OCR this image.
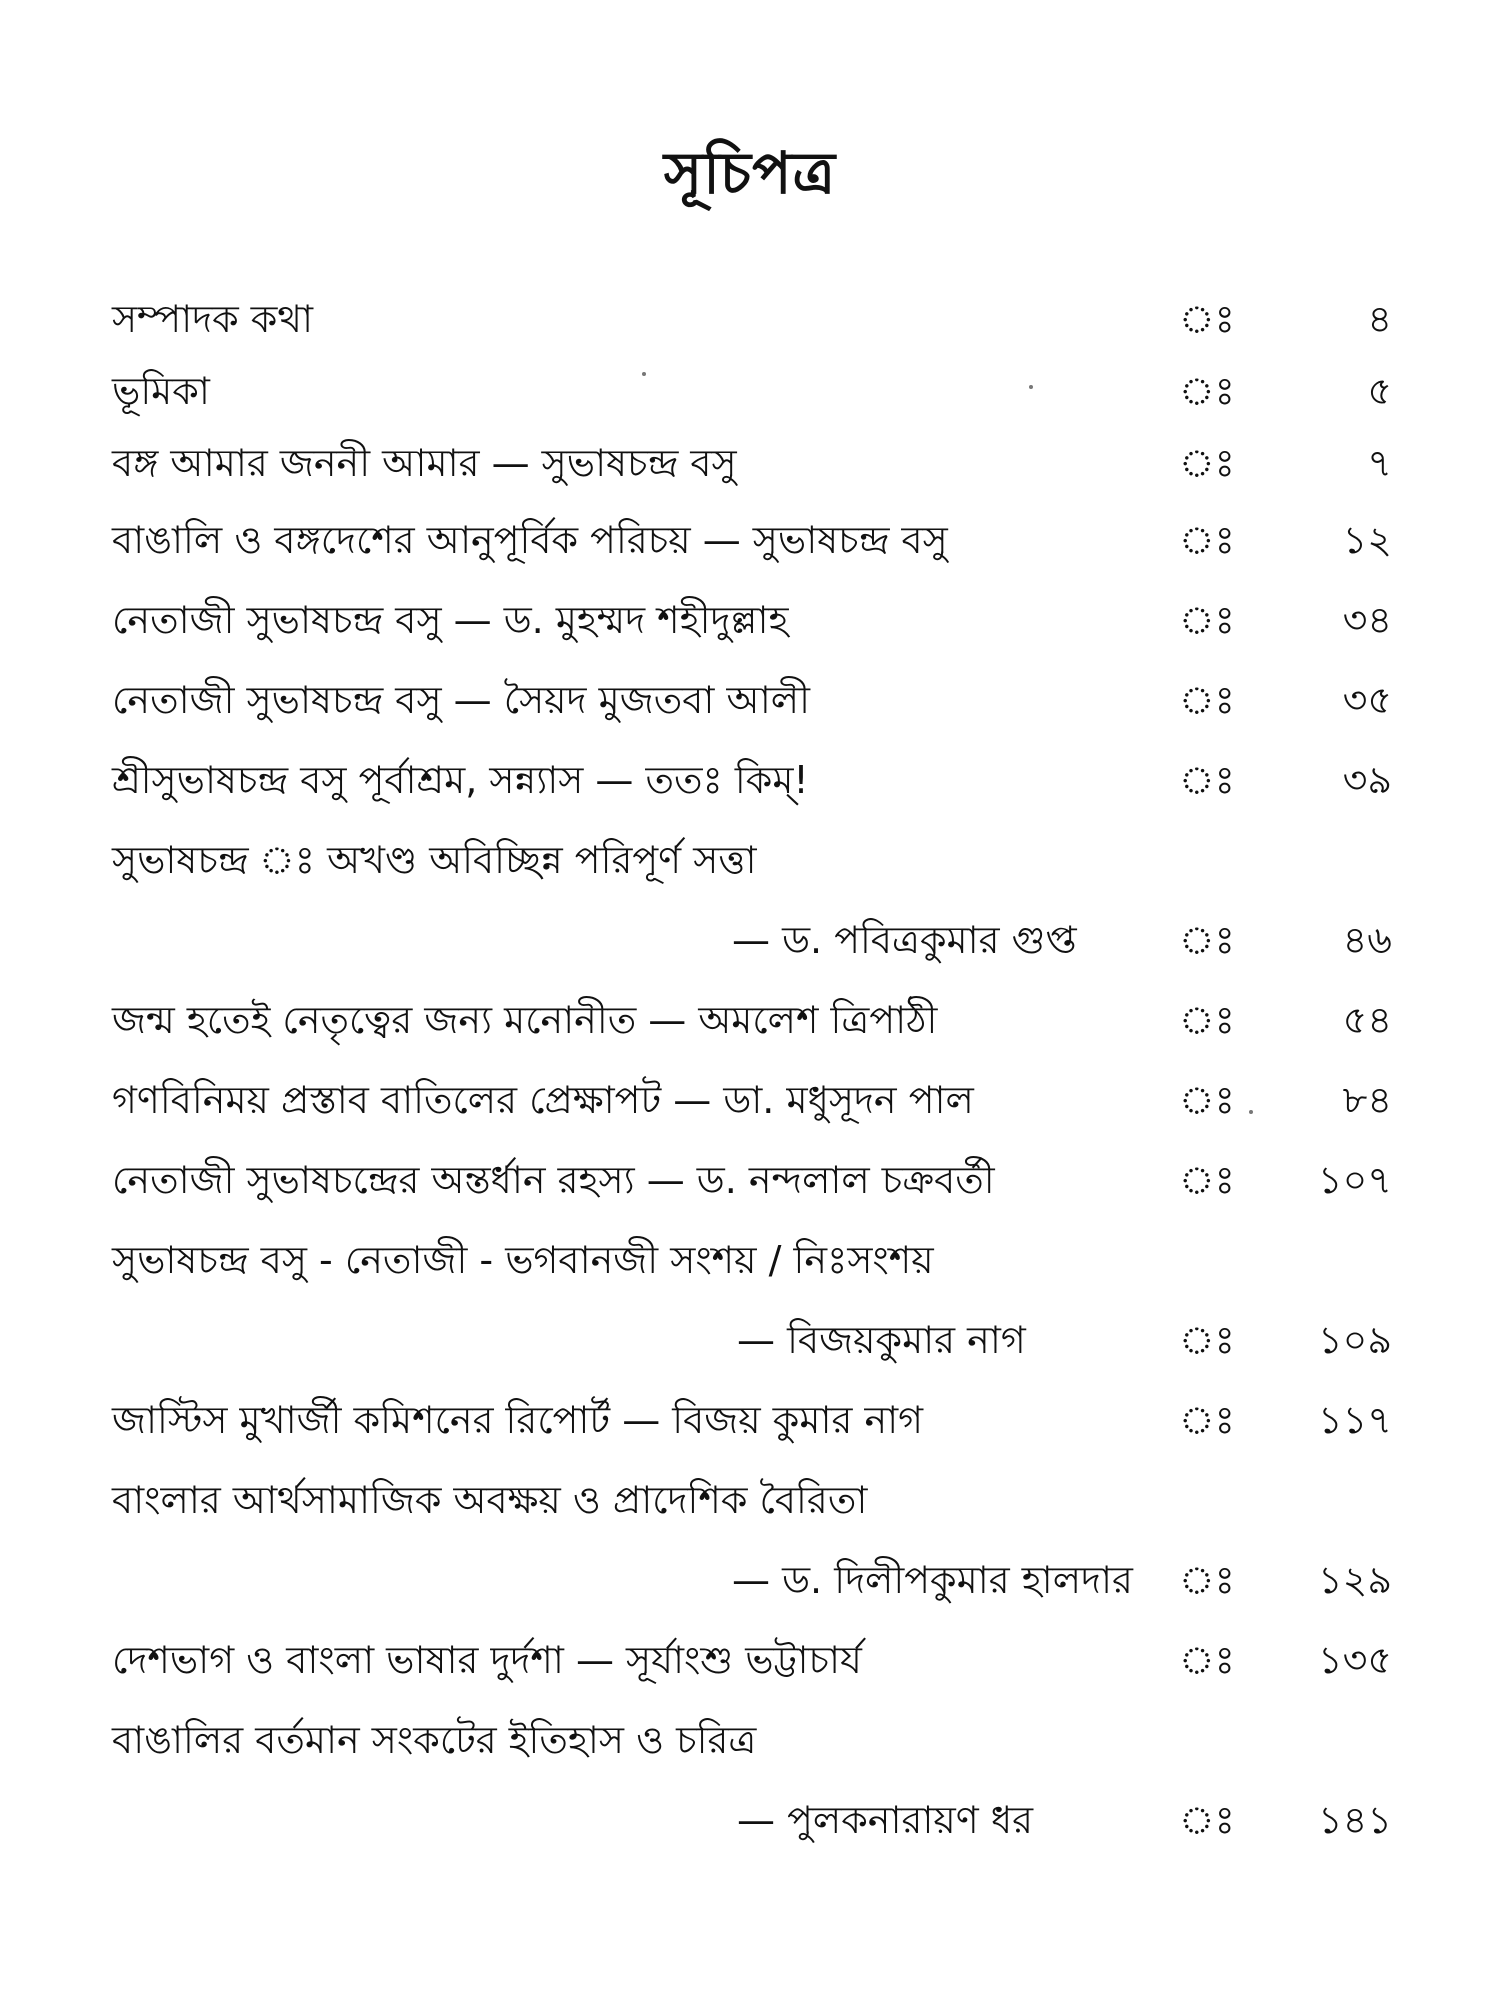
সূচিপত্র
সম্পাদক কথা	ঃ	৪
ভূমিকা	ঃ	৫
বঙ্গ আমার জননী আমার — সুভাষচন্দ্র বসু	ঃ	৭
বাঙালি ও বঙ্গদেশের আনুপূর্বিক পরিচয় — সুভাষচন্দ্র বসু	ঃ	১২
নেতাজী সুভাষচন্দ্র বসু — ড. মুহম্মদ শহীদুল্লাহ	ঃ	৩৪
নেতাজী সুভাষচন্দ্র বসু — সৈয়দ মুজতবা আলী	ঃ	৩৫
শ্রীসুভাষচন্দ্র বসু পূর্বাশ্রম, সন্ন্যাস — ততঃ কিম্!	ঃ	৩৯
সুভাষচন্দ্র ঃ অখণ্ড অবিচ্ছিন্ন পরিপূর্ণ সত্তা
— ড. পবিত্রকুমার গুপ্ত	ঃ	৪৬
জন্ম হতেই নেতৃত্বের জন্য মনোনীত — অমলেশ ত্রিপাঠী	ঃ	৫৪
গণবিনিময় প্রস্তাব বাতিলের প্রেক্ষাপট — ডা. মধুসূদন পাল	ঃ	৮৪
নেতাজী সুভাষচন্দ্রের অন্তর্ধান রহস্য — ড. নন্দলাল চক্রবর্তী	ঃ	১০৭
সুভাষচন্দ্র বসু - নেতাজী - ভগবানজী সংশয় / নিঃসংশয়
— বিজয়কুমার নাগ	ঃ	১০৯
জাস্টিস মুখার্জী কমিশনের রিপোর্ট — বিজয় কুমার নাগ	ঃ	১১৭
বাংলার আর্থসামাজিক অবক্ষয় ও প্রাদেশিক বৈরিতা
— ড. দিলীপকুমার হালদার ঃ	১২৯
দেশভাগ ও বাংলা ভাষার দুর্দশা — সূর্যাংশু ভট্টাচার্য	ঃ	১৩৫
বাঙালির বর্তমান সংকটের ইতিহাস ও চরিত্র
— পুলকনারায়ণ ধর	ঃ	১৪১
